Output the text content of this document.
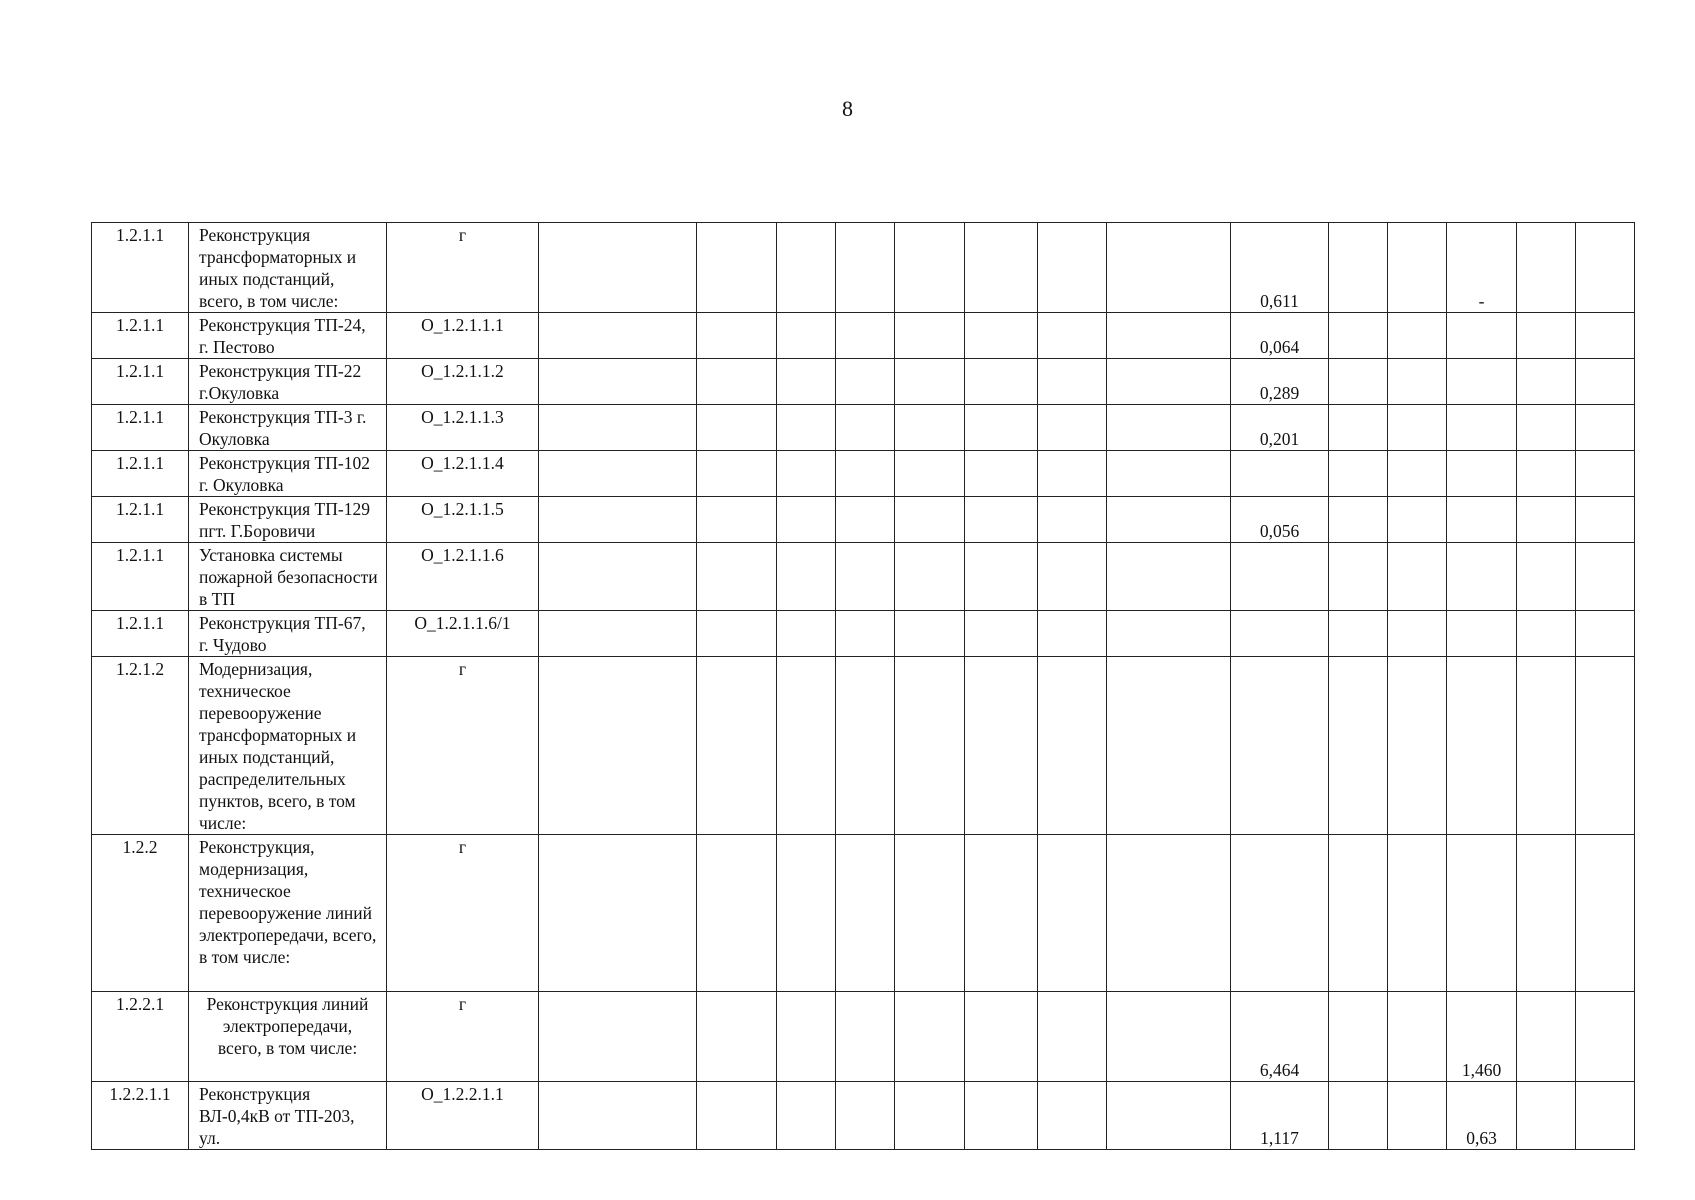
8
1.2.1.1	Реконструкция трансформаторных и иных подстанций, всего, в том числе:	г									0,611			-		
1.2.1.1	Реконструкция ТП-24, г. Пестово	O_1.2.1.1.1									0,064					
1.2.1.1	Реконструкция ТП-22 г.Окуловка	O_1.2.1.1.2									0,289					
1.2.1.1	Реконструкция ТП-3 г. Окуловка	O_1.2.1.1.3									0,201					
1.2.1.1	Реконструкция ТП-102 г. Окуловка	O_1.2.1.1.4														
1.2.1.1	Реконструкция ТП-129 пгт. Г.Боровичи	O_1.2.1.1.5									0,056					
1.2.1.1	Установка системы пожарной безопасности в ТП	O_1.2.1.1.6														
1.2.1.1	Реконструкция ТП-67, г. Чудово	O_1.2.1.1.6/1														
1.2.1.2	Модернизация, техническое перевооружение трансформаторных и иных подстанций, распределительных пунктов, всего, в том числе:	г														
1.2.2	Реконструкция, модернизация, техническое перевооружение линий электропередачи, всего, в том числе:	г														
1.2.2.1	Реконструкция линий электропередачи, всего, в том числе:	г									6,464			1,460		
1.2.2.1.1	Реконструкция ВЛ-0,4кВ от ТП-203, ул.	O_1.2.2.1.1									1,117			0,63		
